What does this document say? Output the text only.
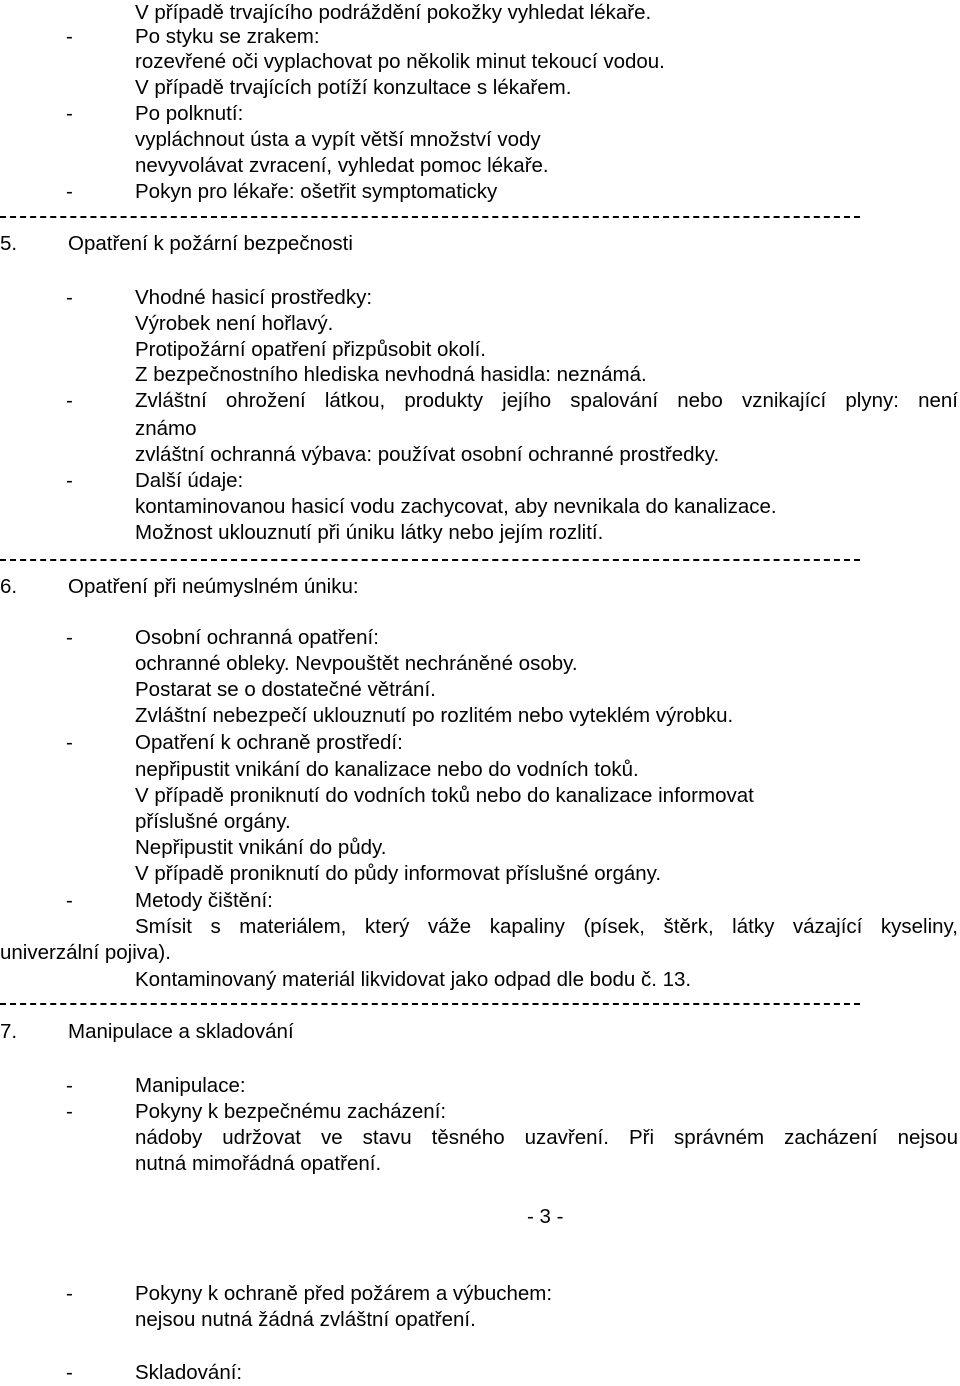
V případě trvajícího podráždění pokožky vyhledat lékaře.
-	Po styku se zrakem:
rozevřené oči vyplachovat po několik minut tekoucí vodou.
V případě trvajících potíží konzultace s lékařem.
-	Po polknutí:
vypláchnout ústa a vypít větší množství vody
nevyvolávat zvracení, vyhledat pomoc lékaře.
-	Pokyn pro lékaře: ošetřit symptomaticky
5.	Opatření k požární bezpečnosti
-	Vhodné hasicí prostředky:
Výrobek není hořlavý.
Protipožární opatření přizpůsobit okolí.
Z bezpečnostního hlediska nevhodná hasidla: neznámá.
-	Zvláštní ohrožení látkou, produkty jejího spalování nebo vznikající plyny: není
známo
zvláštní ochranná výbava: používat osobní ochranné prostředky.
-	Další údaje:
kontaminovanou hasicí vodu zachycovat, aby nevnikala do kanalizace.
Možnost uklouznutí při úniku látky nebo jejím rozlití.
6.	Opatření při neúmyslném úniku:
-	Osobní ochranná opatření:
ochranné obleky. Nevpouštět nechráněné osoby.
Postarat se o dostatečné větrání.
Zvláštní nebezpečí uklouznutí po rozlitém nebo vyteklém výrobku.
-	Opatření k ochraně prostředí:
nepřipustit vnikání do kanalizace nebo do vodních toků.
V případě proniknutí do vodních toků nebo do kanalizace informovat
příslušné orgány.
Nepřipustit vnikání do půdy.
V případě proniknutí do půdy informovat příslušné orgány.
-	Metody čištění:
Smísit s materiálem, který váže kapaliny (písek, štěrk, látky vázající kyseliny,
univerzální pojiva).
Kontaminovaný materiál likvidovat jako odpad dle bodu č. 13.
7.	Manipulace a skladování
-	Manipulace:
-	Pokyny k bezpečnému zacházení:
nádoby udržovat ve stavu těsného uzavření. Při správném zacházení nejsou
nutná mimořádná opatření.
- 3 -
-	Pokyny k ochraně před požárem a výbuchem:
nejsou nutná žádná zvláštní opatření.
-	Skladování:
